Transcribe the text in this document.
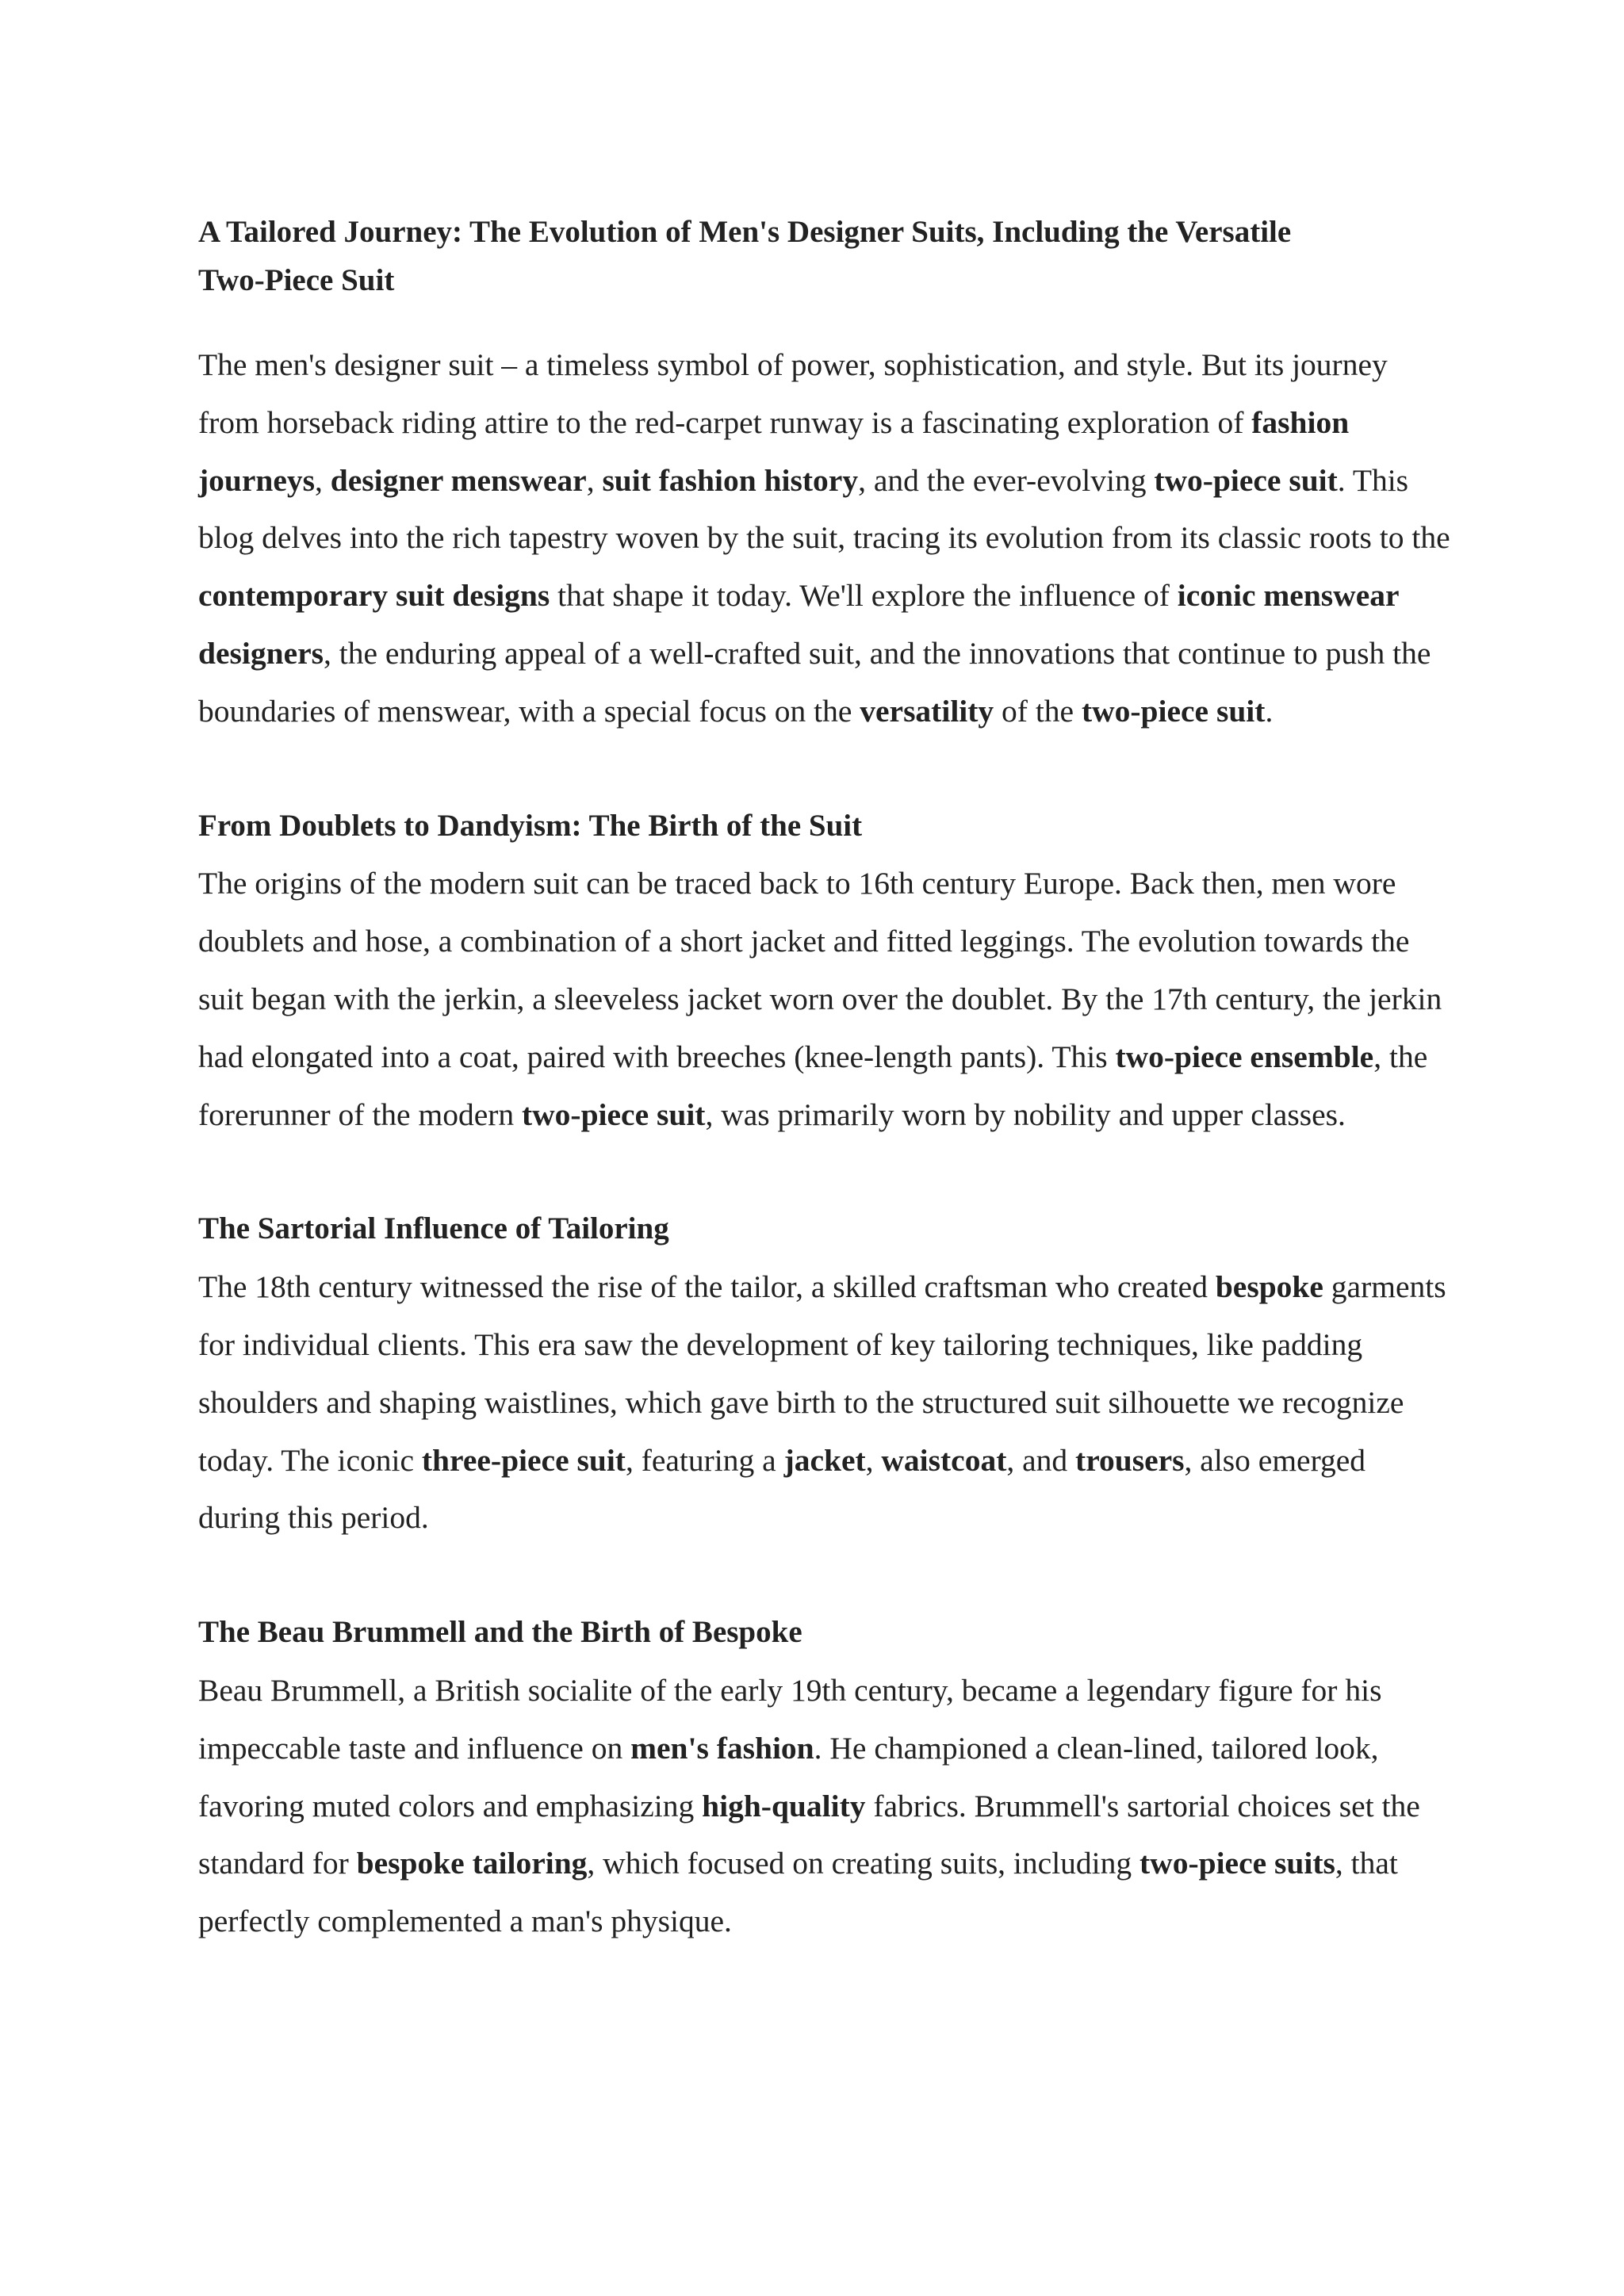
A Tailored Journey: The Evolution of Men's Designer Suits, Including the Versatile
Two-Piece Suit

The men's designer suit – a timeless symbol of power, sophistication, and style. But its journey from horseback riding attire to the red-carpet runway is a fascinating exploration of fashion journeys, designer menswear, suit fashion history, and the ever-evolving two-piece suit. This blog delves into the rich tapestry woven by the suit, tracing its evolution from its classic roots to the contemporary suit designs that shape it today. We'll explore the influence of iconic menswear designers, the enduring appeal of a well-crafted suit, and the innovations that continue to push the boundaries of menswear, with a special focus on the versatility of the two-piece suit.

From Doublets to Dandyism: The Birth of the Suit

The origins of the modern suit can be traced back to 16th century Europe. Back then, men wore doublets and hose, a combination of a short jacket and fitted leggings. The evolution towards the suit began with the jerkin, a sleeveless jacket worn over the doublet. By the 17th century, the jerkin had elongated into a coat, paired with breeches (knee-length pants). This two-piece ensemble, the forerunner of the modern two-piece suit, was primarily worn by nobility and upper classes.

The Sartorial Influence of Tailoring

The 18th century witnessed the rise of the tailor, a skilled craftsman who created bespoke garments for individual clients. This era saw the development of key tailoring techniques, like padding shoulders and shaping waistlines, which gave birth to the structured suit silhouette we recognize today. The iconic three-piece suit, featuring a jacket, waistcoat, and trousers, also emerged during this period.

The Beau Brummell and the Birth of Bespoke

Beau Brummell, a British socialite of the early 19th century, became a legendary figure for his impeccable taste and influence on men's fashion. He championed a clean-lined, tailored look, favoring muted colors and emphasizing high-quality fabrics. Brummell's sartorial choices set the standard for bespoke tailoring, which focused on creating suits, including two-piece suits, that perfectly complemented a man's physique.
